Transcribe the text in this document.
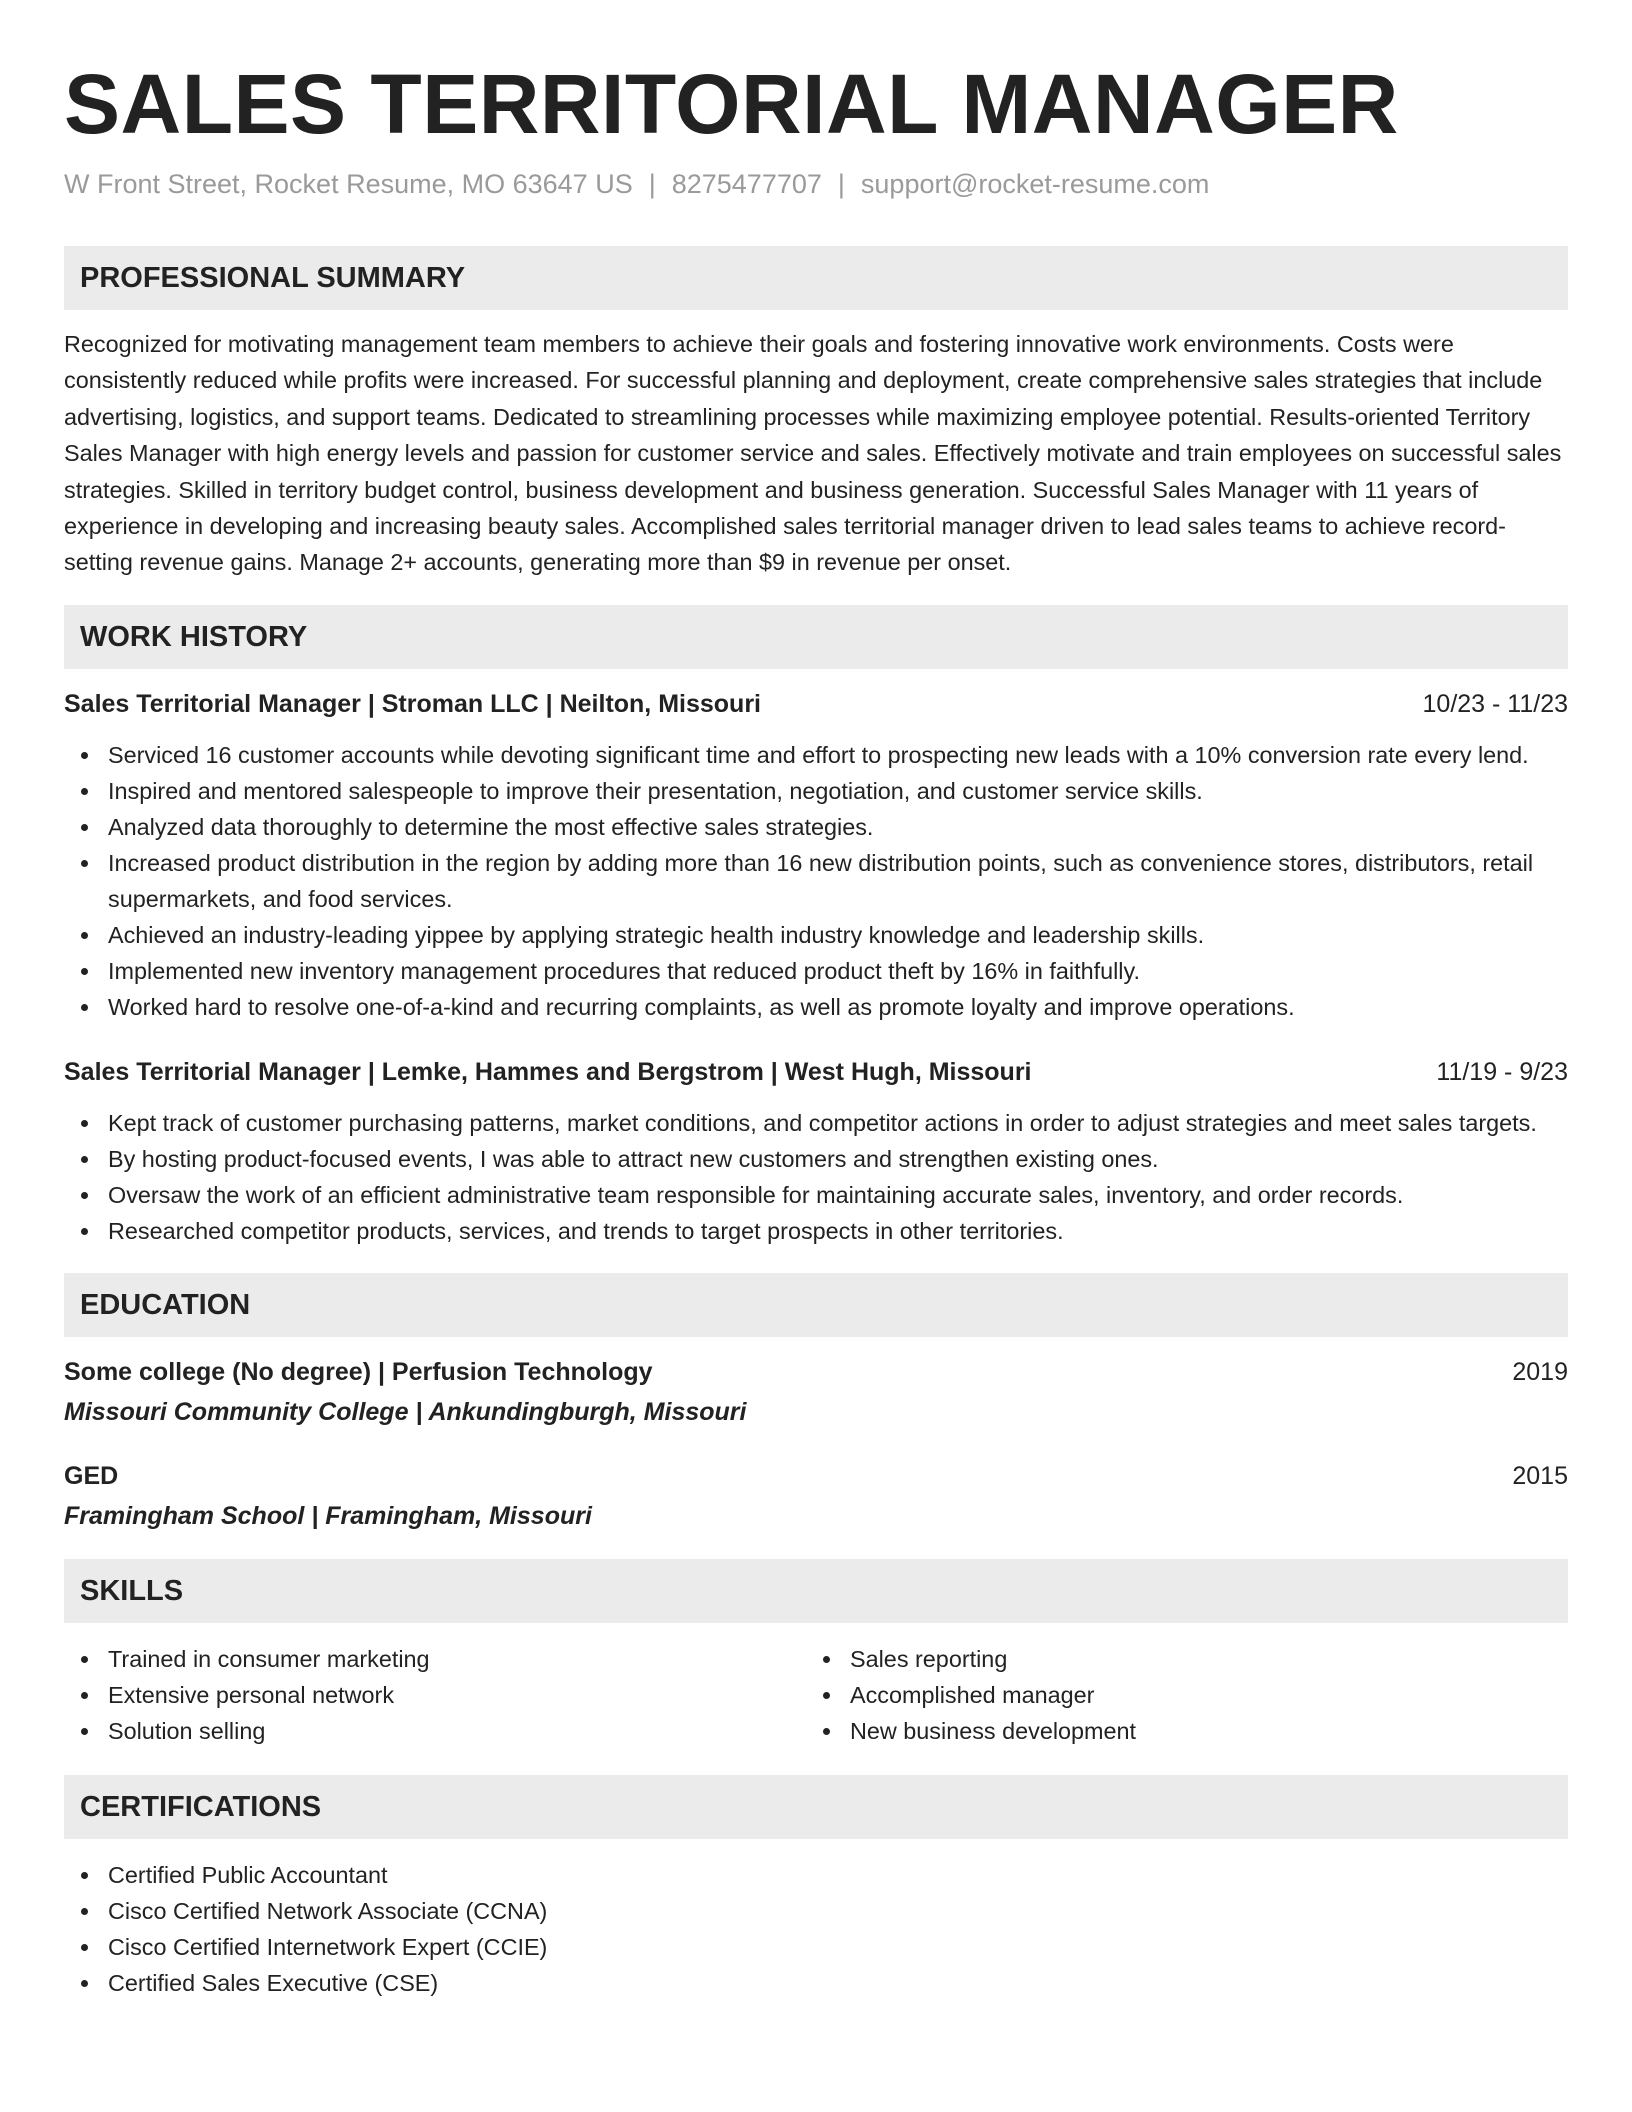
SALES TERRITORIAL MANAGER
W Front Street, Rocket Resume, MO 63647 US | 8275477707 | support@rocket-resume.com
PROFESSIONAL SUMMARY

Recognized for motivating management team members to achieve their goals and fostering innovative work environments. Costs were consistently reduced while profits were increased. For successful planning and deployment, create comprehensive sales strategies that include advertising, logistics, and support teams. Dedicated to streamlining processes while maximizing employee potential. Results-oriented Territory Sales Manager with high energy levels and passion for customer service and sales. Effectively motivate and train employees on successful sales strategies. Skilled in territory budget control, business development and business generation. Successful Sales Manager with 11 years of experience in developing and increasing beauty sales. Accomplished sales territorial manager driven to lead sales teams to achieve record-setting revenue gains. Manage 2+ accounts, generating more than $9 in revenue per onset.

WORK HISTORY
Sales Territorial Manager | Stroman LLC | Neilton, Missouri	10/23 - 11/23
Serviced 16 customer accounts while devoting significant time and effort to prospecting new leads with a 10% conversion rate every lend.
Inspired and mentored salespeople to improve their presentation, negotiation, and customer service skills.
Analyzed data thoroughly to determine the most effective sales strategies.
Increased product distribution in the region by adding more than 16 new distribution points, such as convenience stores, distributors, retail supermarkets, and food services.
Achieved an industry-leading yippee by applying strategic health industry knowledge and leadership skills.
Implemented new inventory management procedures that reduced product theft by 16% in faithfully.
Worked hard to resolve one-of-a-kind and recurring complaints, as well as promote loyalty and improve operations.
Sales Territorial Manager | Lemke, Hammes and Bergstrom | West Hugh, Missouri	11/19 - 9/23
Kept track of customer purchasing patterns, market conditions, and competitor actions in order to adjust strategies and meet sales targets.
By hosting product-focused events, I was able to attract new customers and strengthen existing ones.
Oversaw the work of an efficient administrative team responsible for maintaining accurate sales, inventory, and order records.
Researched competitor products, services, and trends to target prospects in other territories.
EDUCATION
Some college (No degree) | Perfusion Technology	2019
Missouri Community College | Ankundingburgh, Missouri
GED	2015
Framingham School | Framingham, Missouri
SKILLS
Trained in consumer marketing
Extensive personal network
Solution selling
Sales reporting
Accomplished manager
New business development
CERTIFICATIONS
Certified Public Accountant
Cisco Certified Network Associate (CCNA)
Cisco Certified Internetwork Expert (CCIE)
Certified Sales Executive (CSE)
